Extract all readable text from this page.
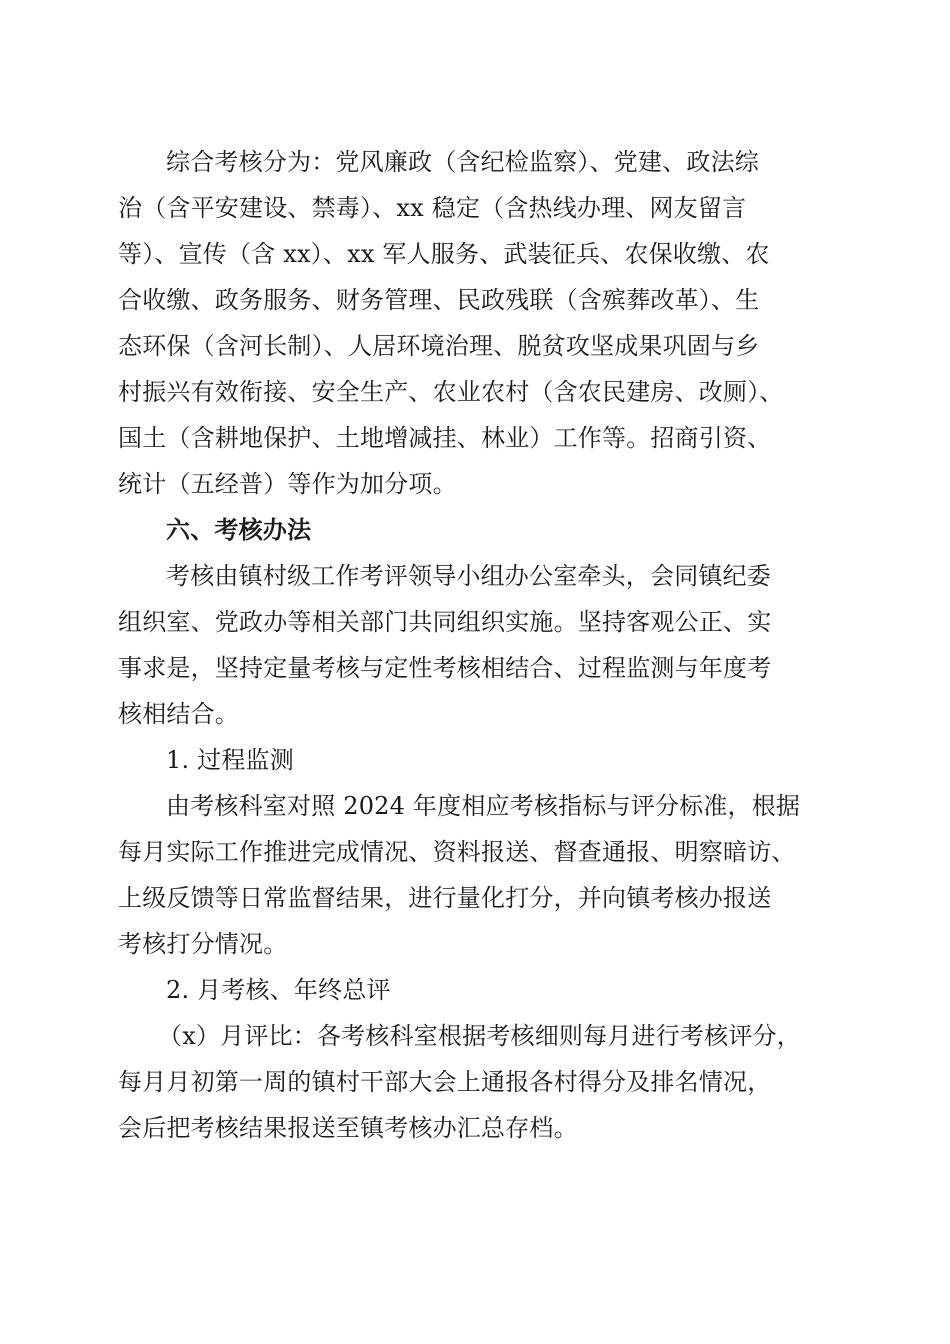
综合考核分为：党风廉政（含纪检监察）、党建、政法综
治（含平安建设、禁毒）、xx 稳定（含热线办理、网友留言
等）、宣传（含 xx）、xx 军人服务、武装征兵、农保收缴、农
合收缴、政务服务、财务管理、民政残联（含殡葬改革）、生
态环保（含河长制）、人居环境治理、脱贫攻坚成果巩固与乡
村振兴有效衔接、安全生产、农业农村（含农民建房、改厕）、
国土（含耕地保护、土地增减挂、林业）工作等。招商引资、
统计（五经普）等作为加分项。
六、考核办法
考核由镇村级工作考评领导小组办公室牵头，会同镇纪委
组织室、党政办等相关部门共同组织实施。坚持客观公正、实
事求是，坚持定量考核与定性考核相结合、过程监测与年度考
核相结合。
1. 过程监测
由考核科室对照 2024 年度相应考核指标与评分标准，根据
每月实际工作推进完成情况、资料报送、督查通报、明察暗访、
上级反馈等日常监督结果，进行量化打分，并向镇考核办报送
考核打分情况。
2. 月考核、年终总评
（x）月评比：各考核科室根据考核细则每月进行考核评分，
每月月初第一周的镇村干部大会上通报各村得分及排名情况，
会后把考核结果报送至镇考核办汇总存档。
